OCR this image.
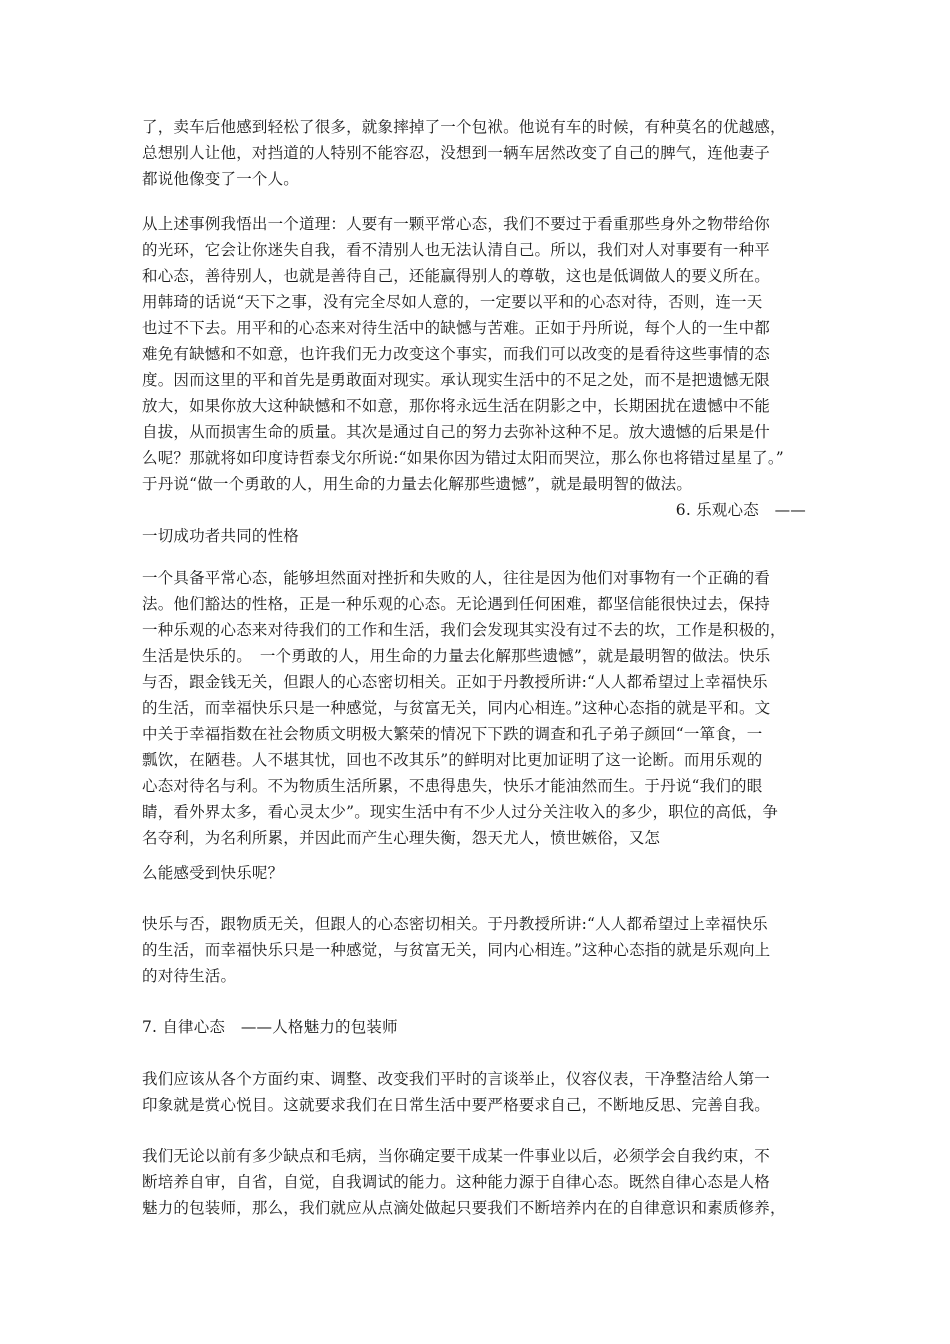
了，卖车后他感到轻松了很多，就象摔掉了一个包袱。他说有车的时候，有种莫名的优越感，
总想别人让他，对挡道的人特别不能容忍，没想到一辆车居然改变了自己的脾气，连他妻子
都说他像变了一个人。
从上述事例我悟出一个道理：人要有一颗平常心态，我们不要过于看重那些身外之物带给你
的光环，它会让你迷失自我，看不清别人也无法认清自己。所以，我们对人对事要有一种平
和心态，善待别人，也就是善待自己，还能赢得别人的尊敬，这也是低调做人的要义所在。
用韩琦的话说“天下之事，没有完全尽如人意的，一定要以平和的心态对待，否则，连一天
也过不下去。用平和的心态来对待生活中的缺憾与苦难。正如于丹所说，每个人的一生中都
难免有缺憾和不如意，也许我们无力改变这个事实，而我们可以改变的是看待这些事情的态
度。因而这里的平和首先是勇敢面对现实。承认现实生活中的不足之处，而不是把遗憾无限
放大，如果你放大这种缺憾和不如意，那你将永远生活在阴影之中，长期困扰在遗憾中不能
自拔，从而损害生命的质量。其次是通过自己的努力去弥补这种不足。放大遗憾的后果是什
么呢？那就将如印度诗哲泰戈尔所说:“如果你因为错过太阳而哭泣，那么你也将错过星星了。”
于丹说“做一个勇敢的人，用生命的力量去化解那些遗憾”，就是最明智的做法。
6. 乐观心态　——
一切成功者共同的性格
一个具备平常心态，能够坦然面对挫折和失败的人，往往是因为他们对事物有一个正确的看
法。他们豁达的性格，正是一种乐观的心态。无论遇到任何困难，都坚信能很快过去，保持
一种乐观的心态来对待我们的工作和生活，我们会发现其实没有过不去的坎，工作是积极的，
生活是快乐的。　一个勇敢的人，用生命的力量去化解那些遗憾”，就是最明智的做法。快乐
与否，跟金钱无关，但跟人的心态密切相关。正如于丹教授所讲:“人人都希望过上幸福快乐
的生活，而幸福快乐只是一种感觉，与贫富无关，同内心相连。”这种心态指的就是平和。文
中关于幸福指数在社会物质文明极大繁荣的情况下下跌的调查和孔子弟子颜回“一箪食，一
瓢饮，在陋巷。人不堪其忧，回也不改其乐”的鲜明对比更加证明了这一论断。而用乐观的
心态对待名与利。不为物质生活所累，不患得患失，快乐才能油然而生。于丹说“我们的眼
睛，看外界太多，看心灵太少”。现实生活中有不少人过分关注收入的多少，职位的高低，争
名夺利，为名利所累，并因此而产生心理失衡，怨天尤人，愤世嫉俗，又怎
么能感受到快乐呢？
快乐与否，跟物质无关，但跟人的心态密切相关。于丹教授所讲:“人人都希望过上幸福快乐
的生活，而幸福快乐只是一种感觉，与贫富无关，同内心相连。”这种心态指的就是乐观向上
的对待生活。
7. 自律心态　——人格魅力的包装师
我们应该从各个方面约束、调整、改变我们平时的言谈举止，仪容仪表，干净整洁给人第一
印象就是赏心悦目。这就要求我们在日常生活中要严格要求自己，不断地反思、完善自我。
我们无论以前有多少缺点和毛病，当你确定要干成某一件事业以后，必须学会自我约束，不
断培养自审，自省，自觉，自我调试的能力。这种能力源于自律心态。既然自律心态是人格
魅力的包装师，那么，我们就应从点滴处做起只要我们不断培养内在的自律意识和素质修养，
